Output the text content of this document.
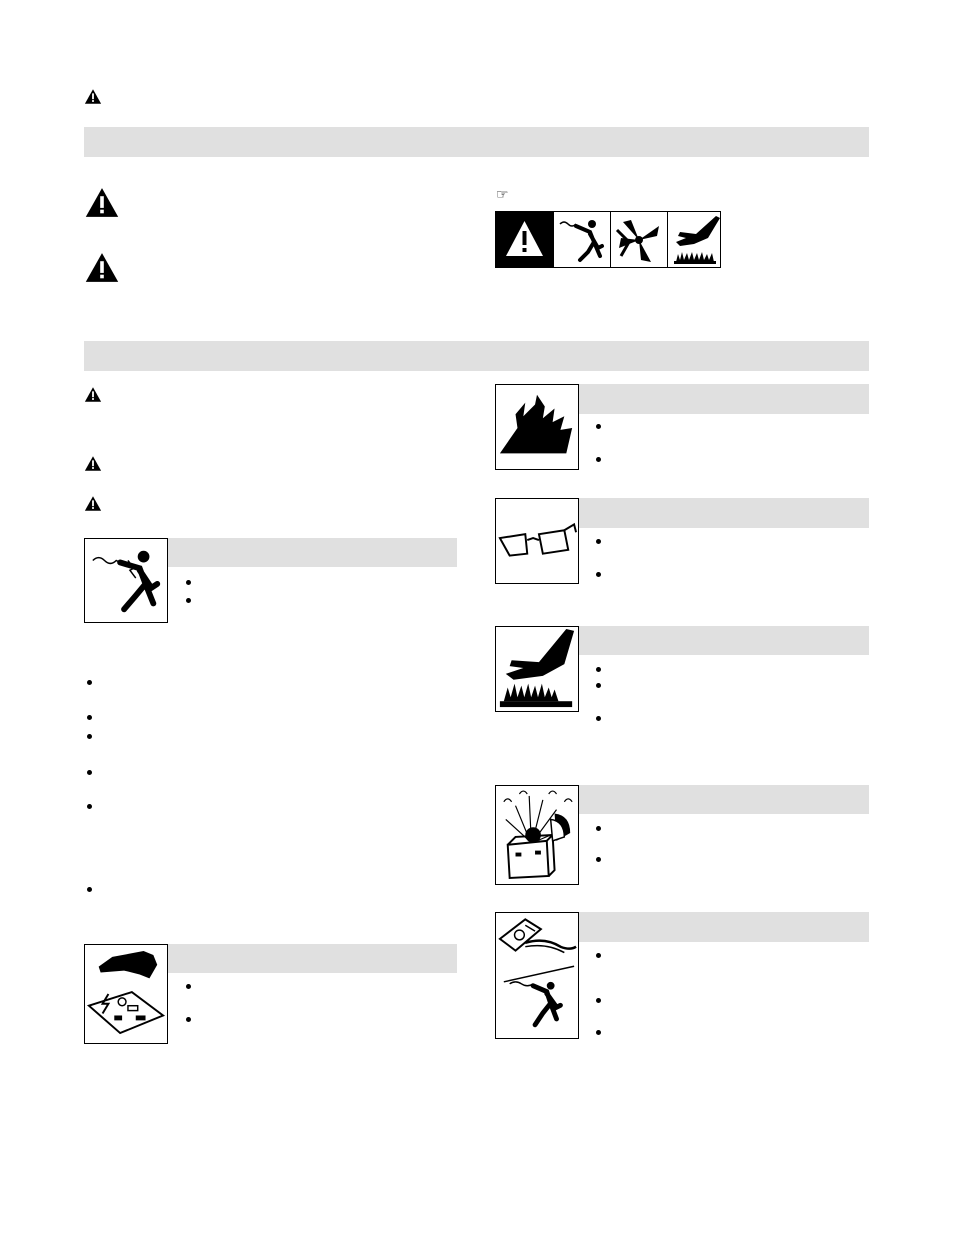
☞
